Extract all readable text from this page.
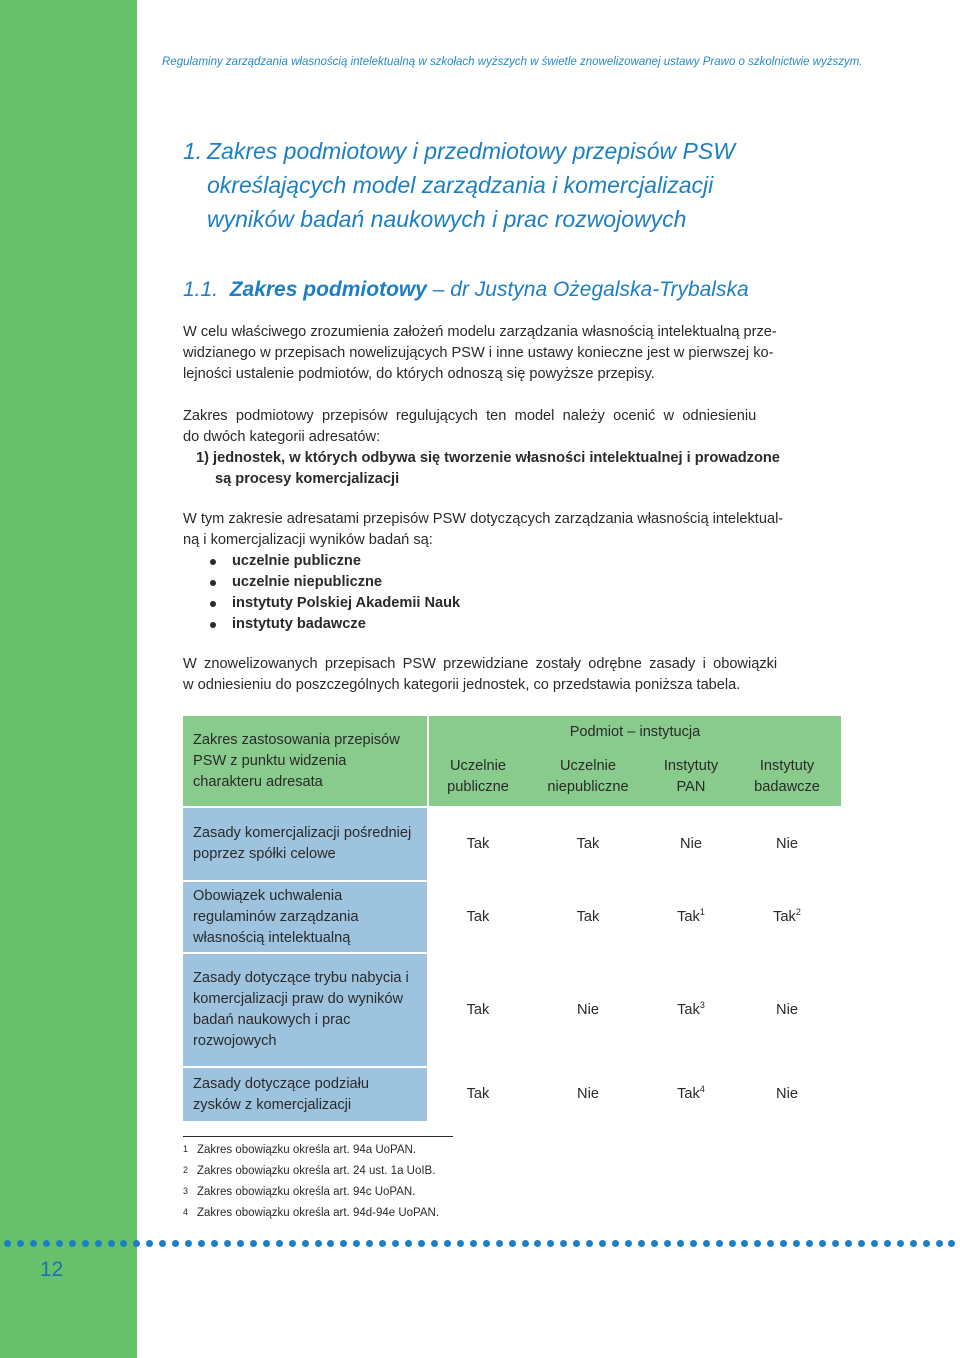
Regulaminy zarządzania własnością intelektualną w szkołach wyższych w świetle znowelizowanej ustawy Prawo o szkolnictwie wyższym.
1. Zakres podmiotowy i przedmiotowy przepisów PSW
określających model zarządzania i komercjalizacji
wyników badań naukowych i prac rozwojowych
1.1. Zakres podmiotowy – dr Justyna Ożegalska-Trybalska
W celu właściwego zrozumienia założeń modelu zarządzania własnością intelektualną prze-
widzianego w przepisach nowelizujących PSW i inne ustawy konieczne jest w pierwszej ko-
lejności ustalenie podmiotów, do których odnoszą się powyższe przepisy.
Zakres podmiotowy przepisów regulujących ten model należy ocenić w odniesieniu
do dwóch kategorii adresatów:
1) jednostek, w których odbywa się tworzenie własności intelektualnej i prowadzone
są procesy komercjalizacji
W tym zakresie adresatami przepisów PSW dotyczących zarządzania własnością intelektual-
ną i komercjalizacji wyników badań są:
uczelnie publiczne
uczelnie niepubliczne
instytuty Polskiej Akademii Nauk
instytuty badawcze
W znowelizowanych przepisach PSW przewidziane zostały odrębne zasady i obowiązki
w odniesieniu do poszczególnych kategorii jednostek, co przedstawia poniższa tabela.
Zakres zastosowania przepisów PSW z punktu widzenia charakteru adresata	Podmiot – instytucja			
	Uczelnie publiczne	Uczelnie niepubliczne	Instytuty PAN	Instytuty badawcze
Zasady komercjalizacji pośredniej poprzez spółki celowe	Tak	Tak	Nie	Nie
Obowiązek uchwalenia regulaminów zarządzania własnością intelektualną	Tak	Tak	Tak$^1$	Tak$^2$
Zasady dotyczące trybu nabycia i komercjalizacji praw do wyników badań naukowych i prac rozwojowych	Tak	Nie	Tak$^3$	Nie
Zasady dotyczące podziału zysków z komercjalizacji	Tak	Nie	Tak$^4$	Nie
1 Zakres obowiązku określa art. 94a UoPAN.
2 Zakres obowiązku określa art. 24 ust. 1a UoIB.
3 Zakres obowiązku określa art. 94c UoPAN.
4 Zakres obowiązku określa art. 94d-94e UoPAN.
12
